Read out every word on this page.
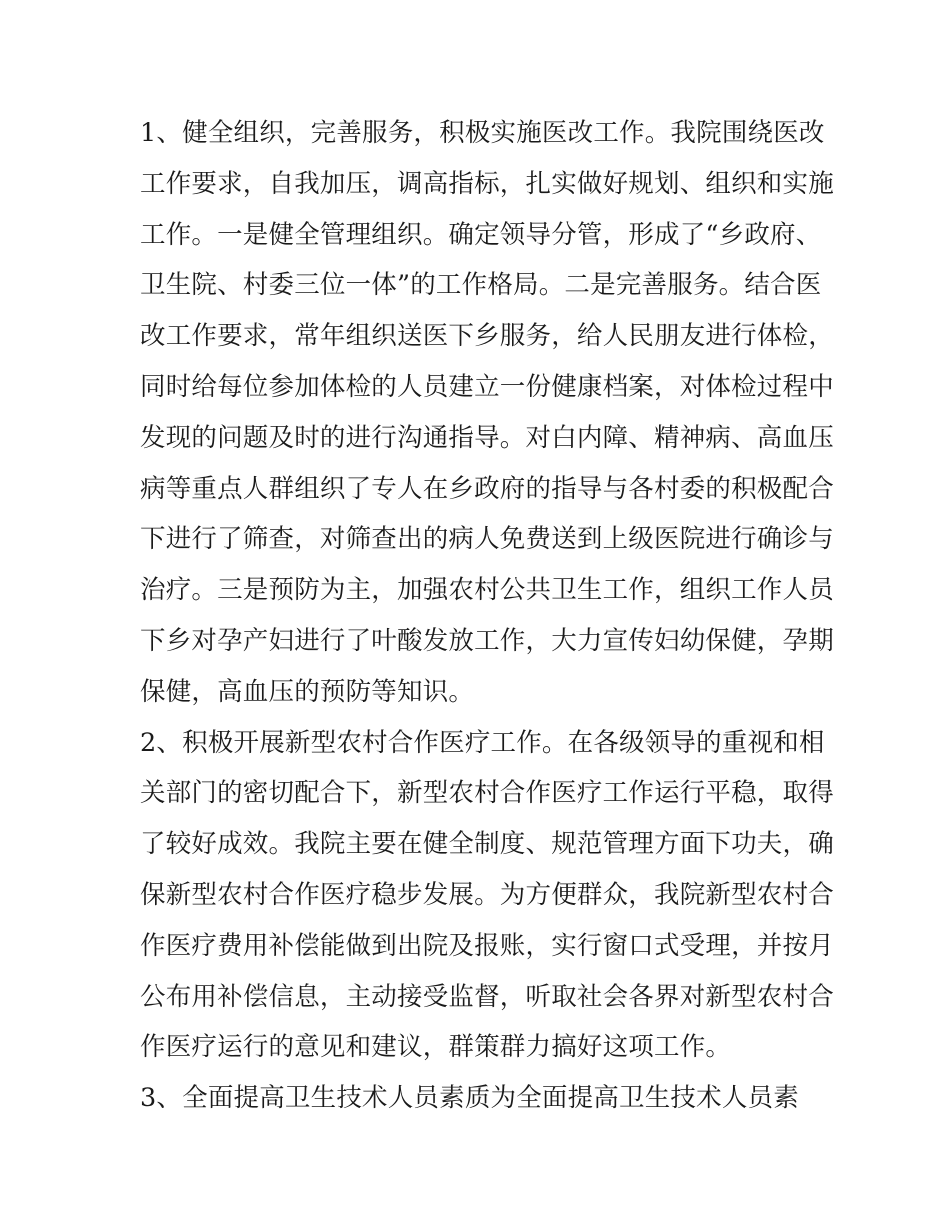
1、健全组织，完善服务，积极实施医改工作。我院围绕医改
工作要求，自我加压，调高指标，扎实做好规划、组织和实施
工作。一是健全管理组织。确定领导分管，形成了“乡政府、
卫生院、村委三位一体”的工作格局。二是完善服务。结合医
改工作要求，常年组织送医下乡服务，给人民朋友进行体检，
同时给每位参加体检的人员建立一份健康档案，对体检过程中
发现的问题及时的进行沟通指导。对白内障、精神病、高血压
病等重点人群组织了专人在乡政府的指导与各村委的积极配合
下进行了筛查，对筛查出的病人免费送到上级医院进行确诊与
治疗。三是预防为主，加强农村公共卫生工作，组织工作人员
下乡对孕产妇进行了叶酸发放工作，大力宣传妇幼保健，孕期
保健，高血压的预防等知识。
2、积极开展新型农村合作医疗工作。在各级领导的重视和相
关部门的密切配合下，新型农村合作医疗工作运行平稳，取得
了较好成效。我院主要在健全制度、规范管理方面下功夫，确
保新型农村合作医疗稳步发展。为方便群众，我院新型农村合
作医疗费用补偿能做到出院及报账，实行窗口式受理，并按月
公布用补偿信息，主动接受监督，听取社会各界对新型农村合
作医疗运行的意见和建议，群策群力搞好这项工作。
3、全面提高卫生技术人员素质为全面提高卫生技术人员素
